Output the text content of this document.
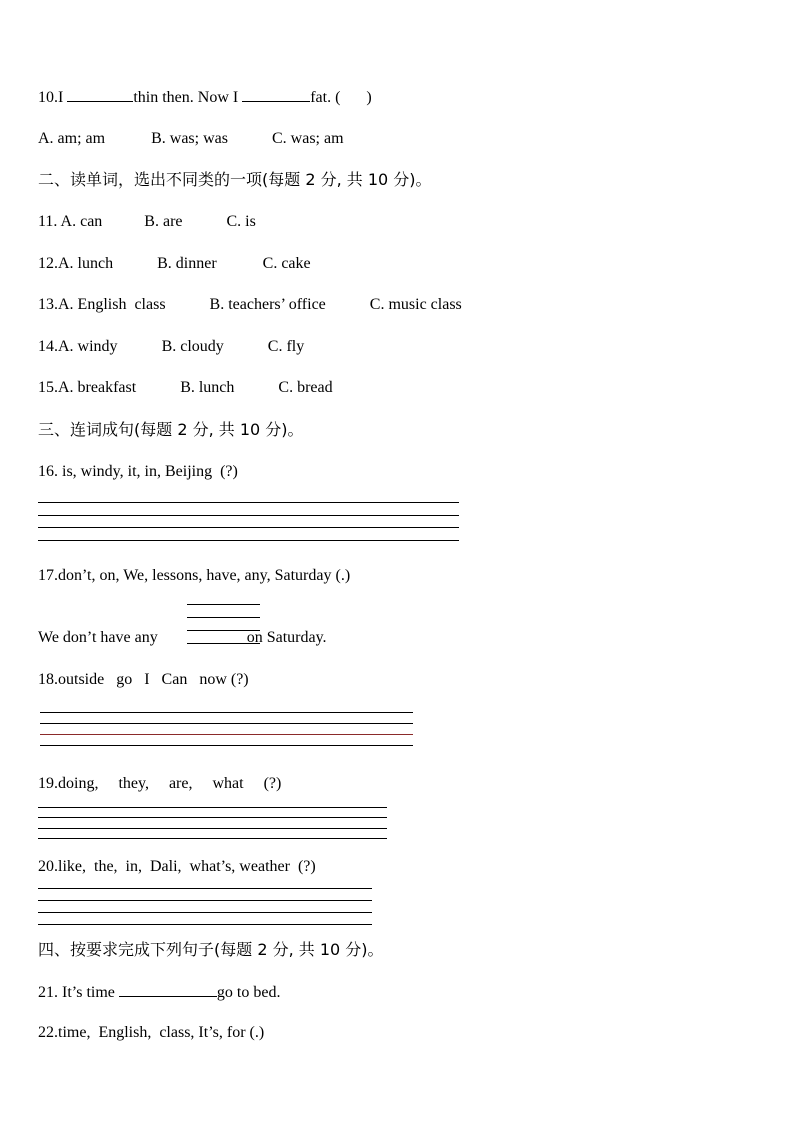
10.I	thin then. Now I	fat. ( )
A. am; am	B. was; was	C. was; am
二、读单词，选出不同类的一项(每题 2 分, 共 10 分)。
11. A. can	B. are	C. is
12.A. lunch	B. dinner	C. cake
13.A. English  class	B. teachers’ office	C. music class
14.A. windy	B. cloudy	C. fly
15.A. breakfast	B. lunch	C. bread
三、连词成句(每题 2 分, 共 10 分)。
16. is, windy, it, in, Beijing  (?)
17.don’t, on, We, lessons, have, any, Saturday (.)
We don’t have any	on Saturday.
18.outside   go   I   Can   now (?)
19.doing,     they,     are,     what     (?)
20.like,  the,  in,  Dali,  what’s, weather  (?)
四、按要求完成下列句子(每题 2 分, 共 10 分)。
21. It’s time	go to bed.
22.time,  English,  class, It’s, for (.)
